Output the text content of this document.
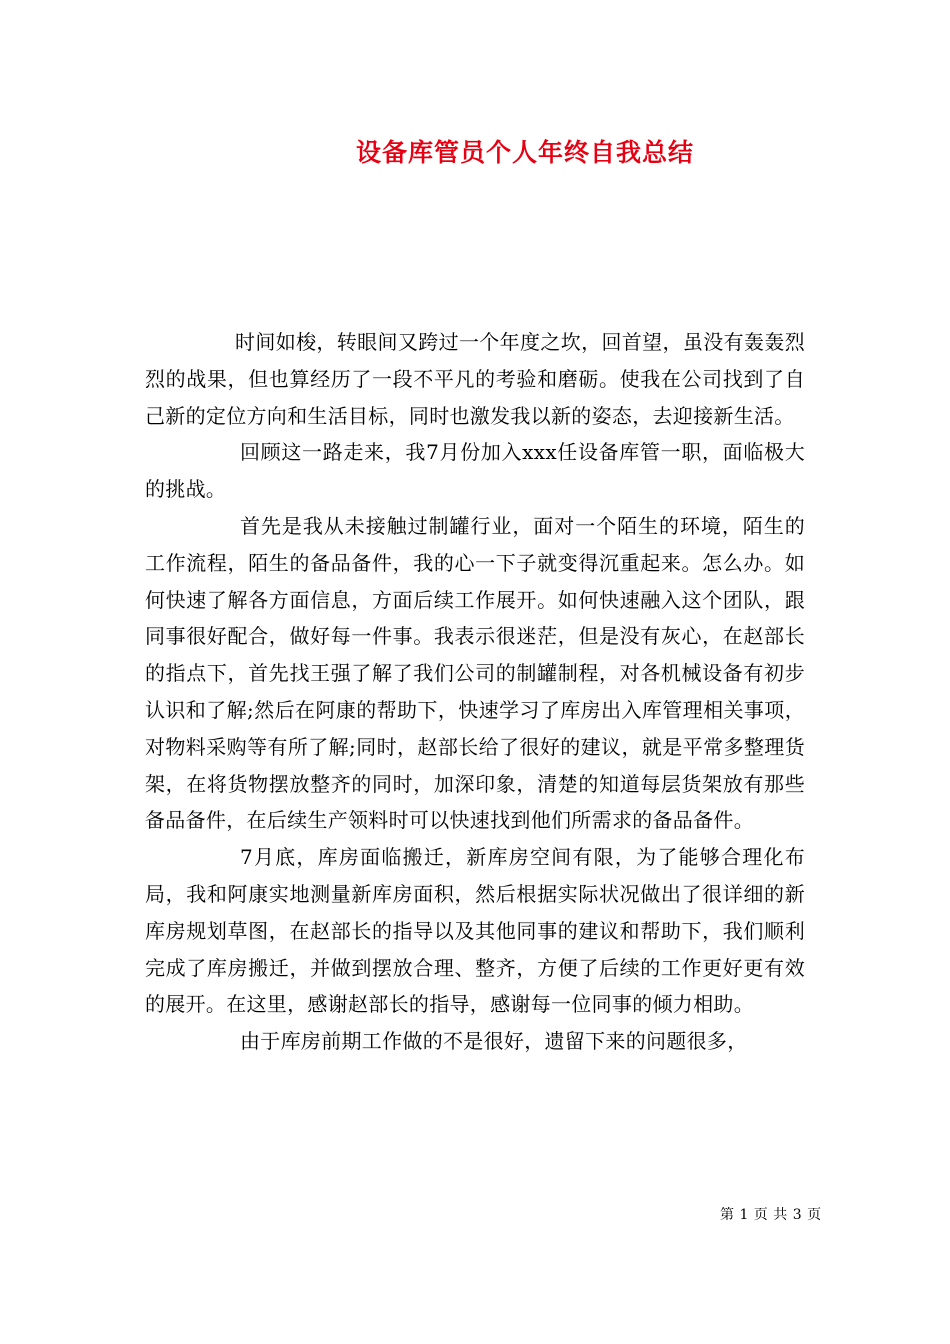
设备库管员个人年终自我总结

时间如梭，转眼间又跨过一个年度之坎，回首望，虽没有轰轰烈烈的战果，但也算经历了一段不平凡的考验和磨砺。使我在公司找到了自己新的定位方向和生活目标，同时也激发我以新的姿态，去迎接新生活。

回顾这一路走来，我7月份加入xxx任设备库管一职，面临极大的挑战。

首先是我从未接触过制罐行业，面对一个陌生的环境，陌生的工作流程，陌生的备品备件，我的心一下子就变得沉重起来。怎么办。如何快速了解各方面信息，方面后续工作展开。如何快速融入这个团队，跟同事很好配合，做好每一件事。我表示很迷茫，但是没有灰心，在赵部长的指点下，首先找王强了解了我们公司的制罐制程，对各机械设备有初步认识和了解;然后在阿康的帮助下，快速学习了库房出入库管理相关事项，对物料采购等有所了解;同时，赵部长给了很好的建议，就是平常多整理货架，在将货物摆放整齐的同时，加深印象，清楚的知道每层货架放有那些备品备件，在后续生产领料时可以快速找到他们所需求的备品备件。

7月底，库房面临搬迁，新库房空间有限，为了能够合理化布局，我和阿康实地测量新库房面积，然后根据实际状况做出了很详细的新库房规划草图，在赵部长的指导以及其他同事的建议和帮助下，我们顺利完成了库房搬迁，并做到摆放合理、整齐，方便了后续的工作更好更有效的展开。在这里，感谢赵部长的指导，感谢每一位同事的倾力相助。

由于库房前期工作做的不是很好，遗留下来的问题很多，

第 1 页 共 3 页
